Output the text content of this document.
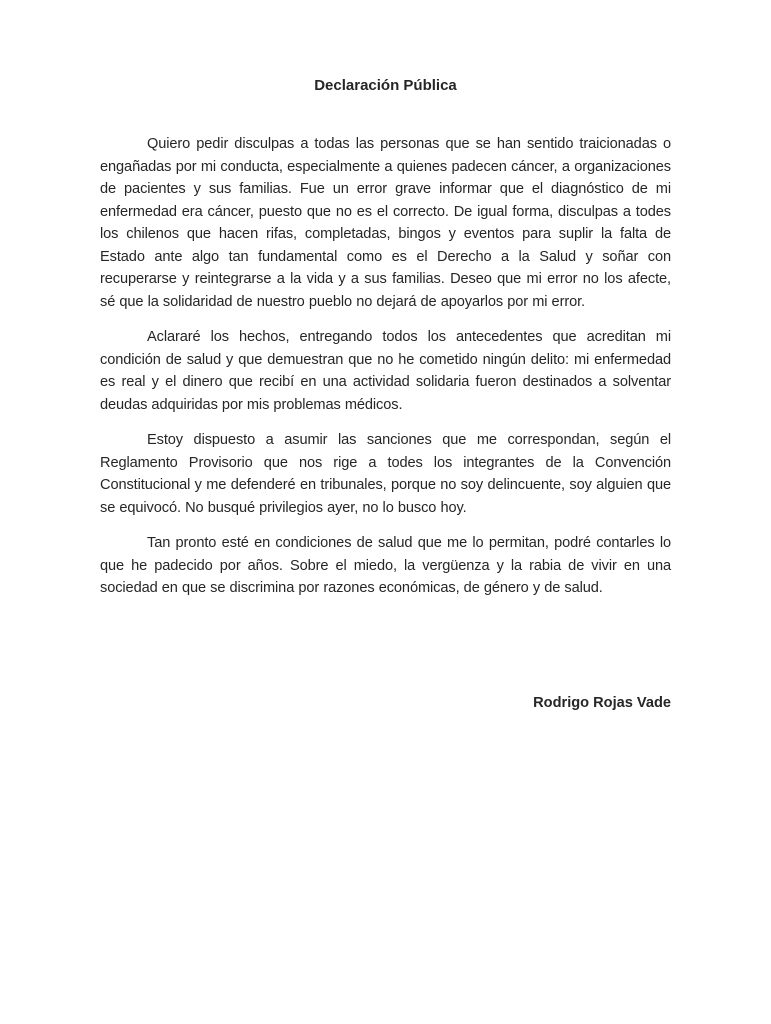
Declaración Pública

Quiero pedir disculpas a todas las personas que se han sentido traicionadas o engañadas por mi conducta, especialmente a quienes padecen cáncer, a organizaciones de pacientes y sus familias. Fue un error grave informar que el diagnóstico de mi enfermedad era cáncer, puesto que no es el correcto. De igual forma, disculpas a todes los chilenos que hacen rifas, completadas, bingos y eventos para suplir la falta de Estado ante algo tan fundamental como es el Derecho a la Salud y soñar con recuperarse y reintegrarse a la vida y a sus familias. Deseo que mi error no los afecte, sé que la solidaridad de nuestro pueblo no dejará de apoyarlos por mi error.

Aclararé los hechos, entregando todos los antecedentes que acreditan mi condición de salud y que demuestran que no he cometido ningún delito: mi enfermedad es real y el dinero que recibí en una actividad solidaria fueron destinados a solventar deudas adquiridas por mis problemas médicos.

Estoy dispuesto a asumir las sanciones que me correspondan, según el Reglamento Provisorio que nos rige a todes los integrantes de la Convención Constitucional y me defenderé en tribunales, porque no soy delincuente, soy alguien que se equivocó. No busqué privilegios ayer, no lo busco hoy.

Tan pronto esté en condiciones de salud que me lo permitan, podré contarles lo que he padecido por años. Sobre el miedo, la vergüenza y la rabia de vivir en una sociedad en que se discrimina por razones económicas, de género y de salud.

Rodrigo Rojas Vade
